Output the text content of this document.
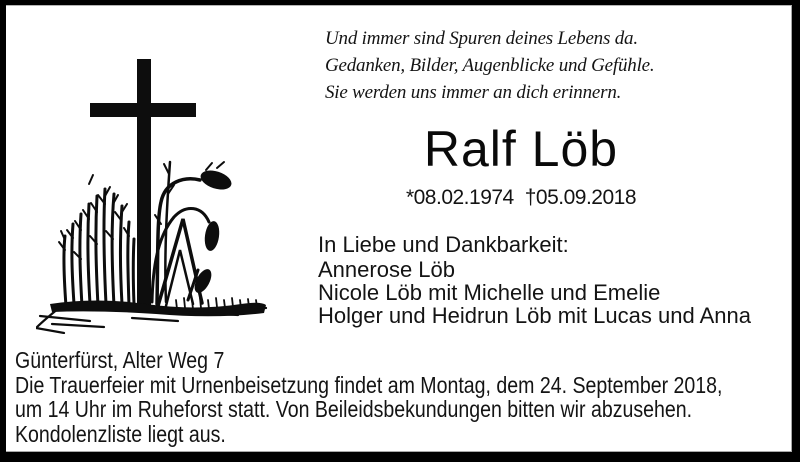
Und immer sind Spuren deines Lebens da.
Gedanken, Bilder, Augenblicke und Gefühle.
Sie werden uns immer an dich erinnern.
Ralf Löb
*08.02.1974 †05.09.2018
In Liebe und Dankbarkeit:
Annerose Löb
Nicole Löb mit Michelle und Emelie
Holger und Heidrun Löb mit Lucas und Anna
Günterfürst, Alter Weg 7
Die Trauerfeier mit Urnenbeisetzung findet am Montag, dem 24. September 2018,
um 14 Uhr im Ruheforst statt. Von Beileidsbekundungen bitten wir abzusehen.
Kondolenzliste liegt aus.
